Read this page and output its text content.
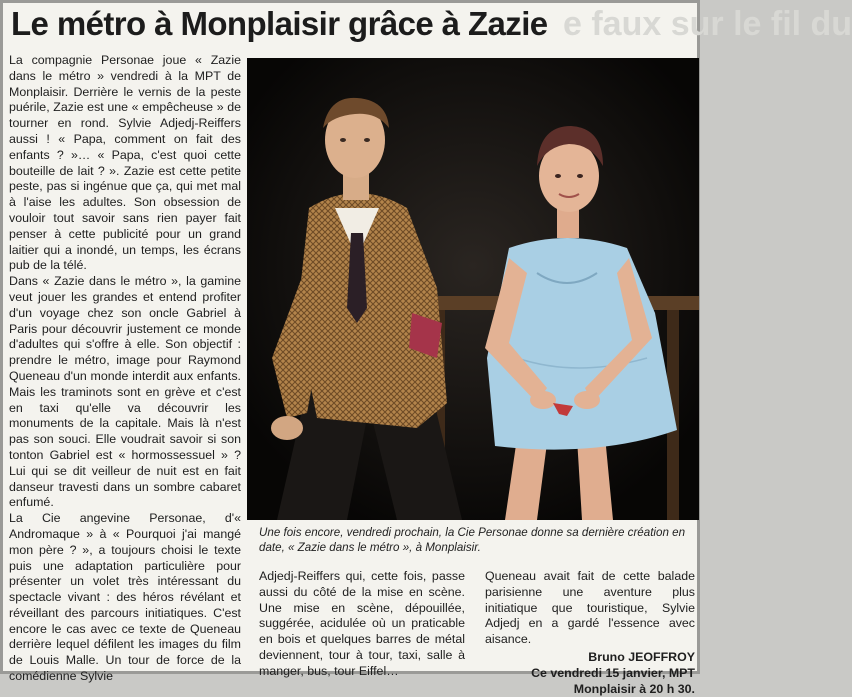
e faux sur le fil du
Le métro à Monplaisir grâce à Zazie

La compagnie Personae joue « Zazie dans le métro » vendredi à la MPT de Monplaisir. Derrière le vernis de la peste puérile, Zazie est une « empêcheuse » de tourner en rond. Sylvie Adjedj-Reiffers aussi ! « Papa, comment on fait des enfants ? »… « Papa, c'est quoi cette bouteille de lait ? ». Zazie est cette petite peste, pas si ingénue que ça, qui met mal à l'aise les adultes. Son obsession de vouloir tout savoir sans rien payer fait penser à cette publicité pour un grand laitier qui a inondé, un temps, les écrans pub de la télé.

Dans « Zazie dans le métro », la gamine veut jouer les grandes et entend profiter d'un voyage chez son oncle Gabriel à Paris pour découvrir justement ce monde d'adultes qui s'offre à elle. Son objectif : prendre le métro, image pour Raymond Queneau d'un monde interdit aux enfants. Mais les traminots sont en grève et c'est en taxi qu'elle va découvrir les monuments de la capitale. Mais là n'est pas son souci. Elle voudrait savoir si son tonton Gabriel est « hormossessuel » ? Lui qui se dit veilleur de nuit est en fait danseur travesti dans un sombre cabaret enfumé.

La Cie angevine Personae, d'« Andromaque » à « Pourquoi j'ai mangé mon père ? », a toujours choisi le texte puis une adaptation particulière pour présenter un volet très intéressant du spectacle vivant : des héros révélant et réveillant des parcours initiatiques. C'est encore le cas avec ce texte de Queneau derrière lequel défilent les images du film de Louis Malle. Un tour de force de la comédienne Sylvie

Une fois encore, vendredi prochain, la Cie Personae donne sa dernière création en date, « Zazie dans le métro », à Monplaisir.

Adjedj-Reiffers qui, cette fois, passe aussi du côté de la mise en scène. Une mise en scène, dépouillée, suggérée, acidulée où un praticable en bois et quelques barres de métal deviennent, tour à tour, taxi, salle à manger, bus, tour Eiffel…

Queneau avait fait de cette balade parisienne une aventure plus initiatique que touristique, Sylvie Adjedj en a gardé l'essence avec aisance.

Bruno JEOFFROY

Ce vendredi 15 janvier, MPT

Monplaisir à 20 h 30.
